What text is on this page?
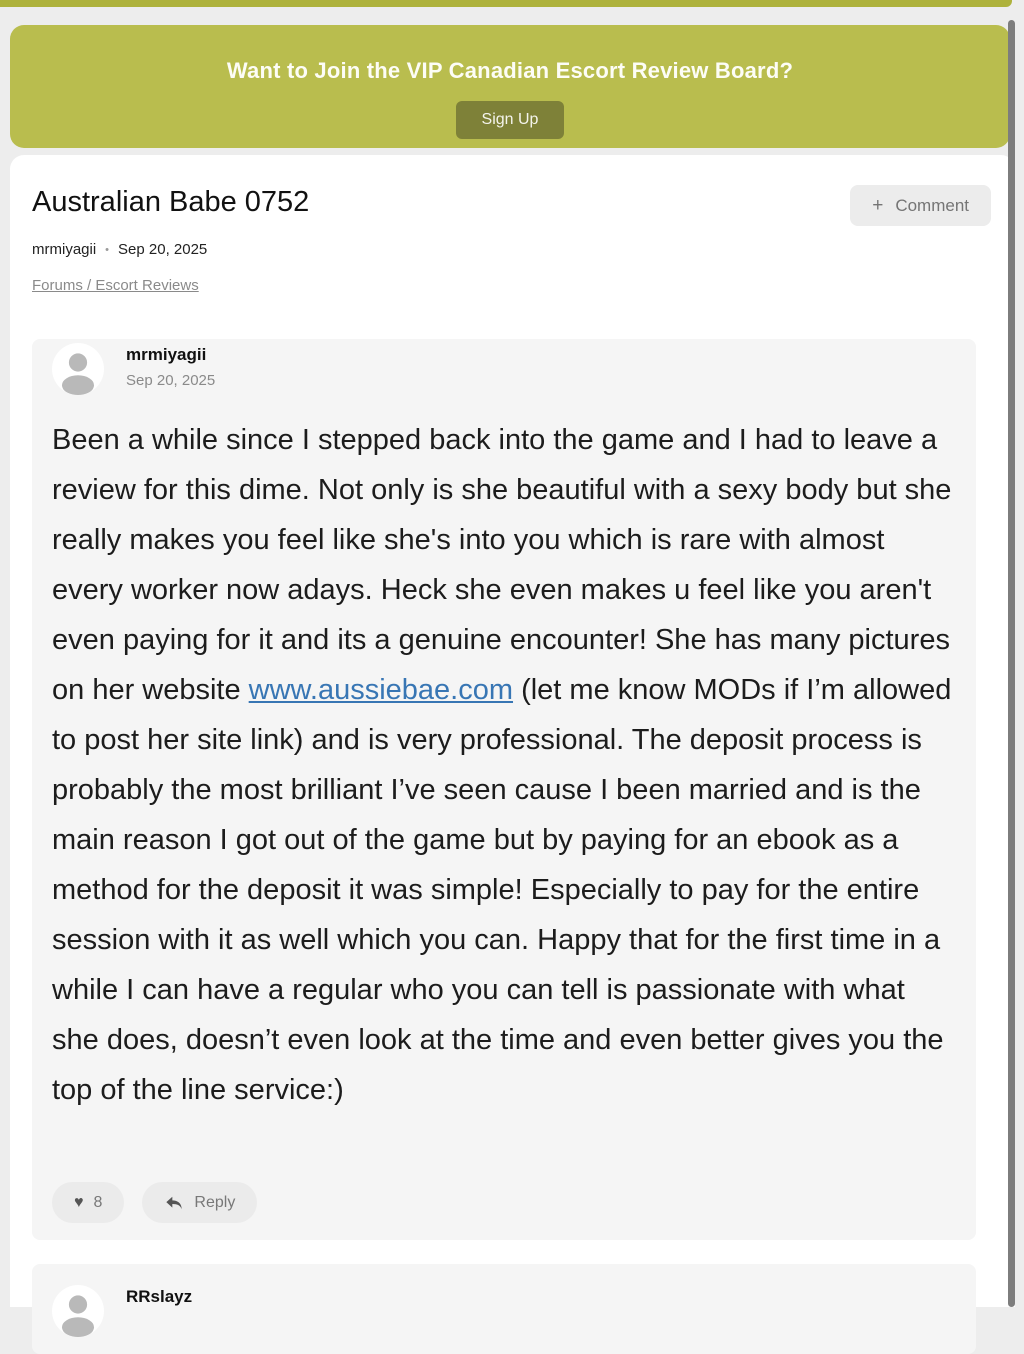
Want to Join the VIP Canadian Escort Review Board?
Sign Up
Australian Babe 0752	+ Comment
mrmiyagii • Sep 20, 2025
Forums / Escort Reviews
mrmiyagii
Sep 20, 2025
Been a while since I stepped back into the game and I had to leave a review for this dime. Not only is she beautiful with a sexy body but she really makes you feel like she's into you which is rare with almost every worker now adays. Heck she even makes u feel like you aren't even paying for it and its a genuine encounter! She has many pictures on her website www.aussiebae.com (let me know MODs if I’m allowed to post her site link) and is very professional. The deposit process is probably the most brilliant I’ve seen cause I been married and is the main reason I got out of the game but by paying for an ebook as a method for the deposit it was simple! Especially to pay for the entire session with it as well which you can. Happy that for the first time in a while I can have a regular who you can tell is passionate with what she does, doesn’t even look at the time and even better gives you the top of the line service:)
♥ 8	Reply
RRslayz
